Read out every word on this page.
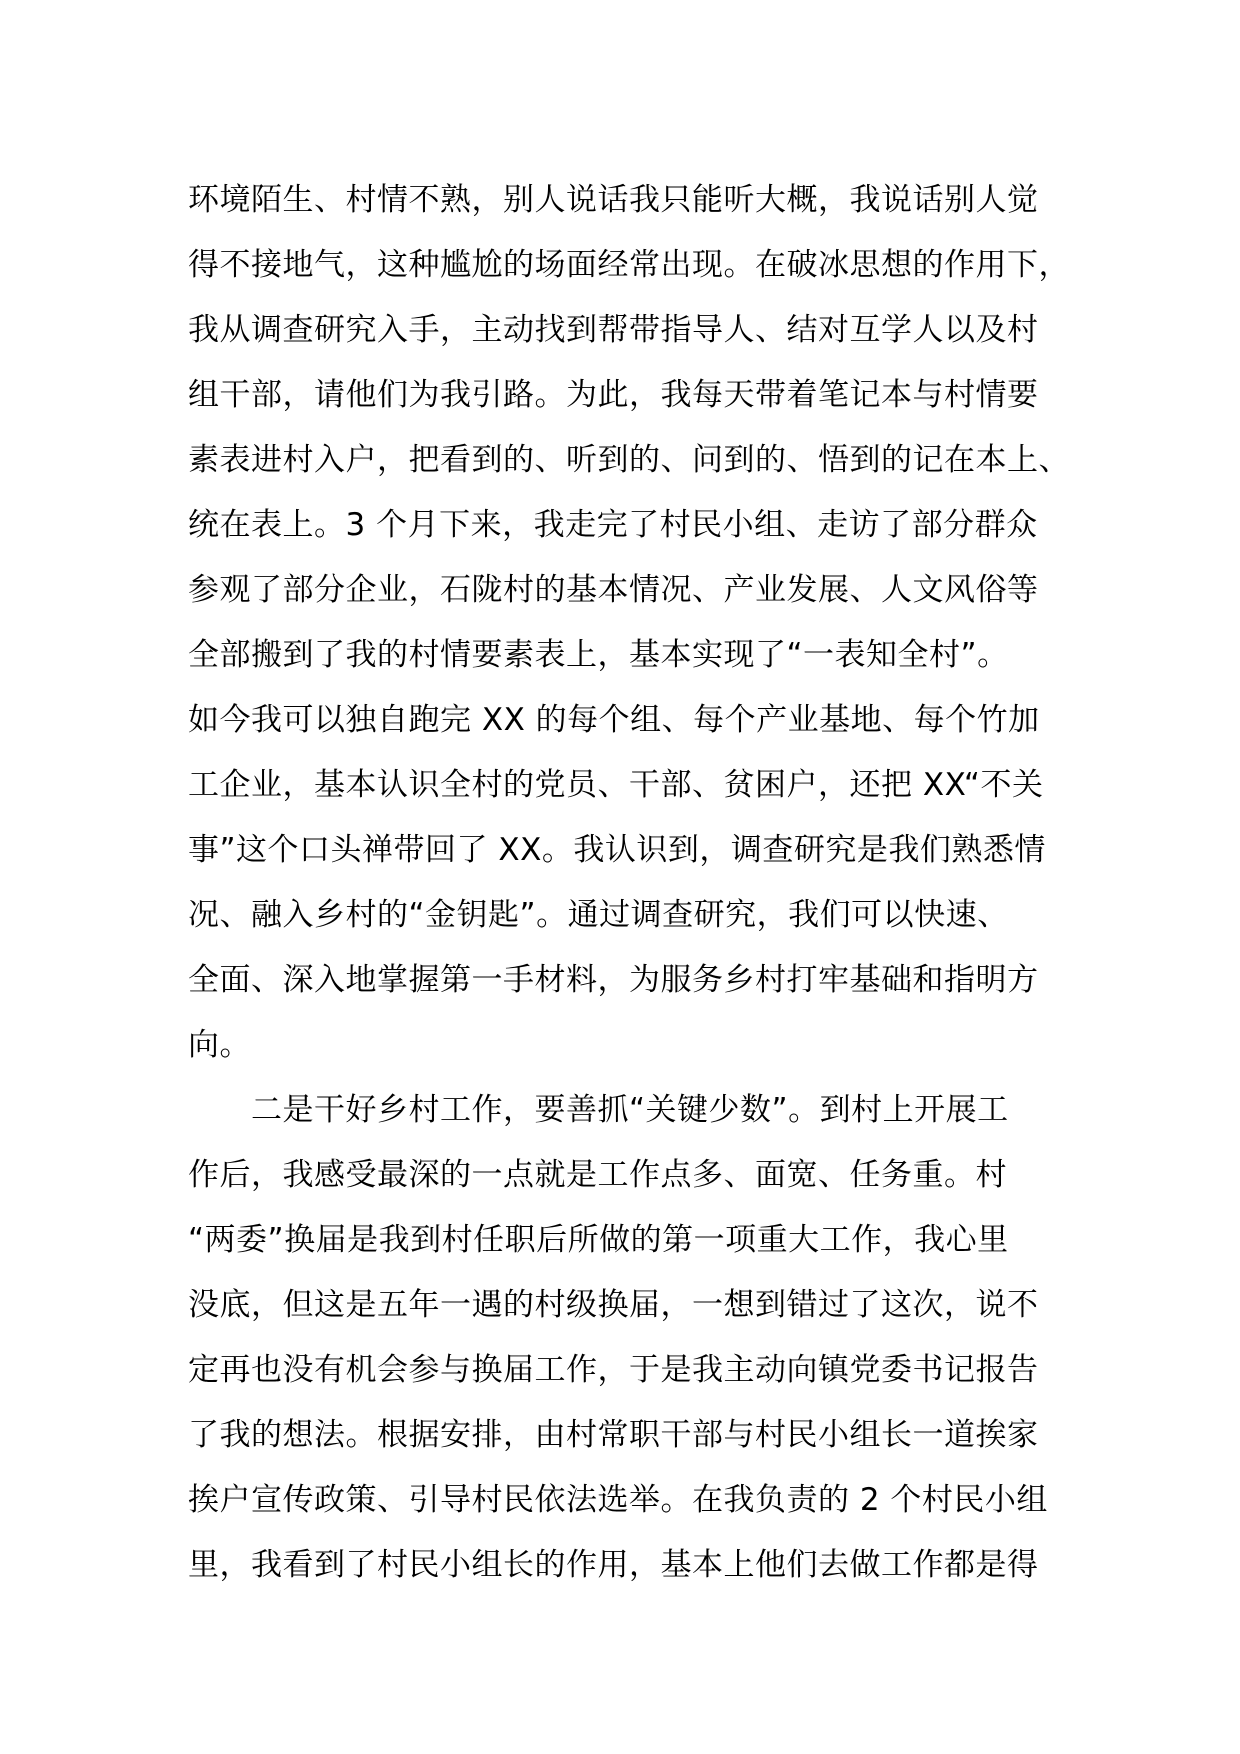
环境陌生、村情不熟，别人说话我只能听大概，我说话别人觉
得不接地气，这种尴尬的场面经常出现。在破冰思想的作用下，
我从调查研究入手，主动找到帮带指导人、结对互学人以及村
组干部，请他们为我引路。为此，我每天带着笔记本与村情要
素表进村入户，把看到的、听到的、问到的、悟到的记在本上、
统在表上。3 个月下来，我走完了村民小组、走访了部分群众
参观了部分企业，石陇村的基本情况、产业发展、人文风俗等
全部搬到了我的村情要素表上，基本实现了“一表知全村”。
如今我可以独自跑完 XX 的每个组、每个产业基地、每个竹加
工企业，基本认识全村的党员、干部、贫困户，还把 XX“不关
事”这个口头禅带回了 XX。我认识到，调查研究是我们熟悉情
况、融入乡村的“金钥匙”。通过调查研究，我们可以快速、
全面、深入地掌握第一手材料，为服务乡村打牢基础和指明方
向。
　　二是干好乡村工作，要善抓“关键少数”。到村上开展工
作后，我感受最深的一点就是工作点多、面宽、任务重。村
“两委”换届是我到村任职后所做的第一项重大工作，我心里
没底，但这是五年一遇的村级换届，一想到错过了这次，说不
定再也没有机会参与换届工作，于是我主动向镇党委书记报告
了我的想法。根据安排，由村常职干部与村民小组长一道挨家
挨户宣传政策、引导村民依法选举。在我负责的 2 个村民小组
里，我看到了村民小组长的作用，基本上他们去做工作都是得
